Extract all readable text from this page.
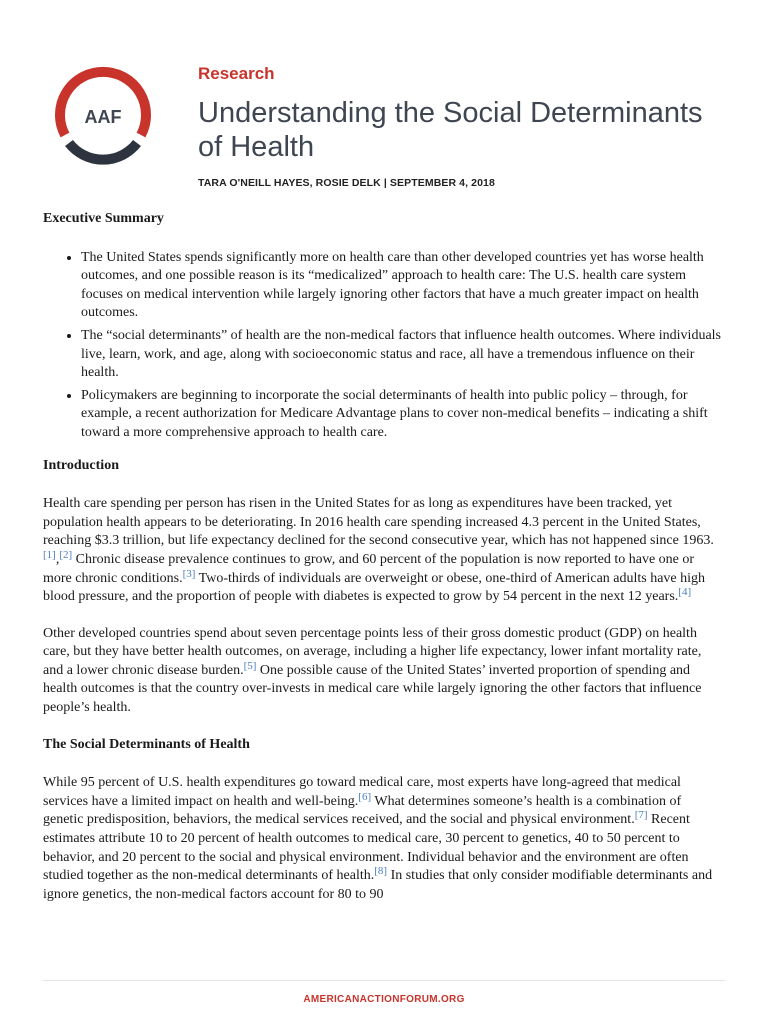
AAF
Research
Understanding the Social Determinants of Health
TARA O'NEILL HAYES, ROSIE DELK | SEPTEMBER 4, 2018
Executive Summary
• The United States spends significantly more on health care than other developed countries yet has worse health outcomes, and one possible reason is its “medicalized” approach to health care: The U.S. health care system focuses on medical intervention while largely ignoring other factors that have a much greater impact on health outcomes.
• The “social determinants” of health are the non-medical factors that influence health outcomes. Where individuals live, learn, work, and age, along with socioeconomic status and race, all have a tremendous influence on their health.
• Policymakers are beginning to incorporate the social determinants of health into public policy – through, for example, a recent authorization for Medicare Advantage plans to cover non-medical benefits – indicating a shift toward a more comprehensive approach to health care.
Introduction

Health care spending per person has risen in the United States for as long as expenditures have been tracked, yet population health appears to be deteriorating. In 2016 health care spending increased 4.3 percent in the United States, reaching $3.3 trillion, but life expectancy declined for the second consecutive year, which has not happened since 1963.[1],[2] Chronic disease prevalence continues to grow, and 60 percent of the population is now reported to have one or more chronic conditions.[3] Two-thirds of individuals are overweight or obese, one-third of American adults have high blood pressure, and the proportion of people with diabetes is expected to grow by 54 percent in the next 12 years.[4]

Other developed countries spend about seven percentage points less of their gross domestic product (GDP) on health care, but they have better health outcomes, on average, including a higher life expectancy, lower infant mortality rate, and a lower chronic disease burden.[5] One possible cause of the United States’ inverted proportion of spending and health outcomes is that the country over-invests in medical care while largely ignoring the other factors that influence people’s health.

The Social Determinants of Health

While 95 percent of U.S. health expenditures go toward medical care, most experts have long-agreed that medical services have a limited impact on health and well-being.[6] What determines someone’s health is a combination of genetic predisposition, behaviors, the medical services received, and the social and physical environment.[7] Recent estimates attribute 10 to 20 percent of health outcomes to medical care, 30 percent to genetics, 40 to 50 percent to behavior, and 20 percent to the social and physical environment. Individual behavior and the environment are often studied together as the non-medical determinants of health.[8] In studies that only consider modifiable determinants and ignore genetics, the non-medical factors account for 80 to 90

AMERICANACTIONFORUM.ORG
